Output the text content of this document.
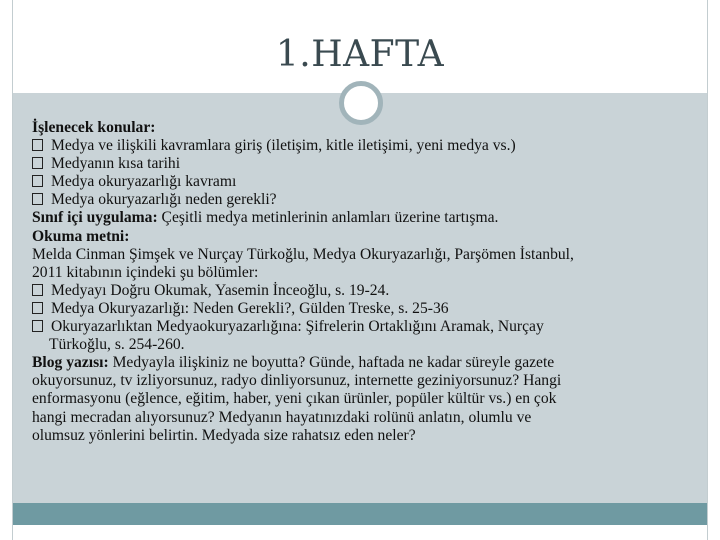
1.HAFTA
İşlenecek konular:
Medya ve ilişkili kavramlara giriş (iletişim, kitle iletişimi, yeni medya vs.)
Medyanın kısa tarihi
Medya okuryazarlığı kavramı
Medya okuryazarlığı neden gerekli?
Sınıf içi uygulama: Çeşitli medya metinlerinin anlamları üzerine tartışma.
Okuma metni:
Melda Cinman Şimşek ve Nurçay Türkoğlu, Medya Okuryazarlığı, Parşömen İstanbul,
2011 kitabının içindeki şu bölümler:
Medyayı Doğru Okumak, Yasemin İnceoğlu, s. 19-24.
Medya Okuryazarlığı: Neden Gerekli?, Gülden Treske, s. 25-36
Okuryazarlıktan Medyaokuryazarlığına: Şifrelerin Ortaklığını Aramak, Nurçay
Türkoğlu, s. 254-260.
Blog yazısı: Medyayla ilişkiniz ne boyutta? Günde, haftada ne kadar süreyle gazete
okuyorsunuz, tv izliyorsunuz, radyo dinliyorsunuz, internette geziniyorsunuz? Hangi
enformasyonu (eğlence, eğitim, haber, yeni çıkan ürünler, popüler kültür vs.) en çok
hangi mecradan alıyorsunuz? Medyanın hayatınızdaki rolünü anlatın, olumlu ve
olumsuz yönlerini belirtin. Medyada size rahatsız eden neler?
